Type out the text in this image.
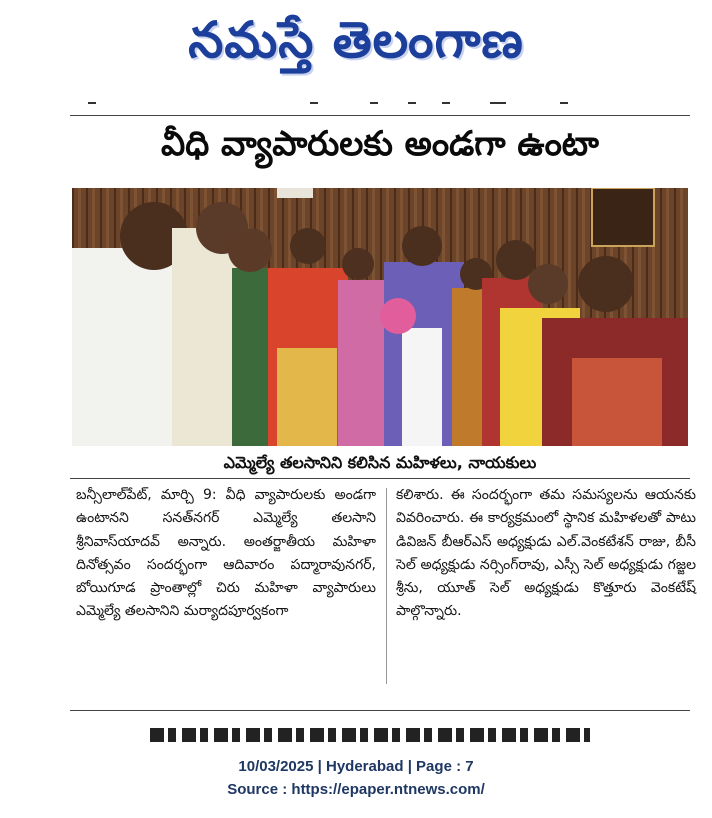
నమస్తే తెలంగాణ
వీధి వ్యాపారులకు అండగా ఉంటా
ఎమ్మెల్యే తలసానిని కలిసిన మహిళలు, నాయకులు

బన్సీలాల్‌పేట్, మార్చి 9: వీధి వ్యాపారులకు అండగా ఉంటానని సనత్‌నగర్ ఎమ్మెల్యే తలసాని శ్రీనివాస్‌యాదవ్ అన్నారు. అంతర్జాతీయ మహిళా దినోత్సవం సందర్భంగా ఆదివారం పద్మారావునగర్, బోయిగూడ ప్రాంతాల్లో చిరు మహిళా వ్యాపారులు ఎమ్మెల్యే తలసానిని మర్యాదపూర్వకంగా

కలిశారు. ఈ సందర్భంగా తమ సమస్యలను ఆయనకు వివరించారు. ఈ కార్యక్రమంలో స్థానిక మహిళలతో పాటు డివిజన్ బీఆర్‌ఎస్ అధ్యక్షుడు ఎల్.వెంకటేశన్ రాజు, బీసీ సెల్ అధ్యక్షుడు నర్సింగ్‌రావు, ఎస్సీ సెల్ అధ్యక్షుడు గజ్జల శ్రీను, యూత్ సెల్ అధ్యక్షుడు కొత్తూరు వెంకటేష్ పాల్గొన్నారు.

10/03/2025 | Hyderabad | Page : 7
Source : https://epaper.ntnews.com/
